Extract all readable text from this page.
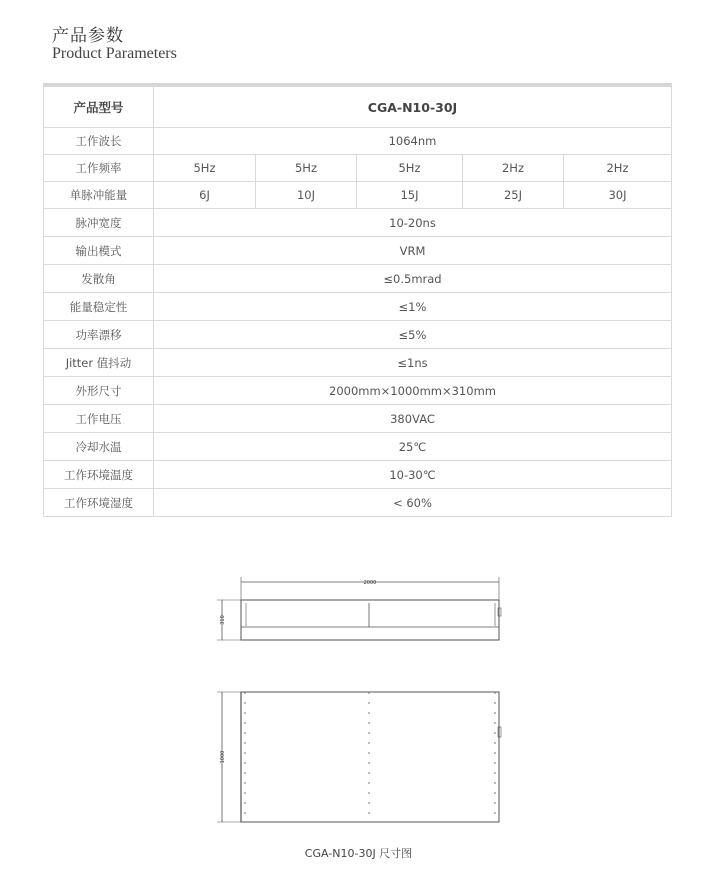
产品参数
Product Parameters
产品型号	CGA-N10-30J				
工作波长	1064nm				
工作频率	5Hz	5Hz	5Hz	2Hz	2Hz
单脉冲能量	6J	10J	15J	25J	30J
脉冲宽度	10-20ns				
输出模式	VRM				
发散角	≤0.5mrad				
能量稳定性	≤1%				
功率漂移	≤5%				
Jitter 值抖动	≤1ns				
外形尺寸	2000mm×1000mm×310mm				
工作电压	380VAC				
冷却水温	25℃				
工作环境温度	10-30℃				
工作环境湿度	< 60%				
2000
310
1000
CGA-N10-30J 尺寸图
